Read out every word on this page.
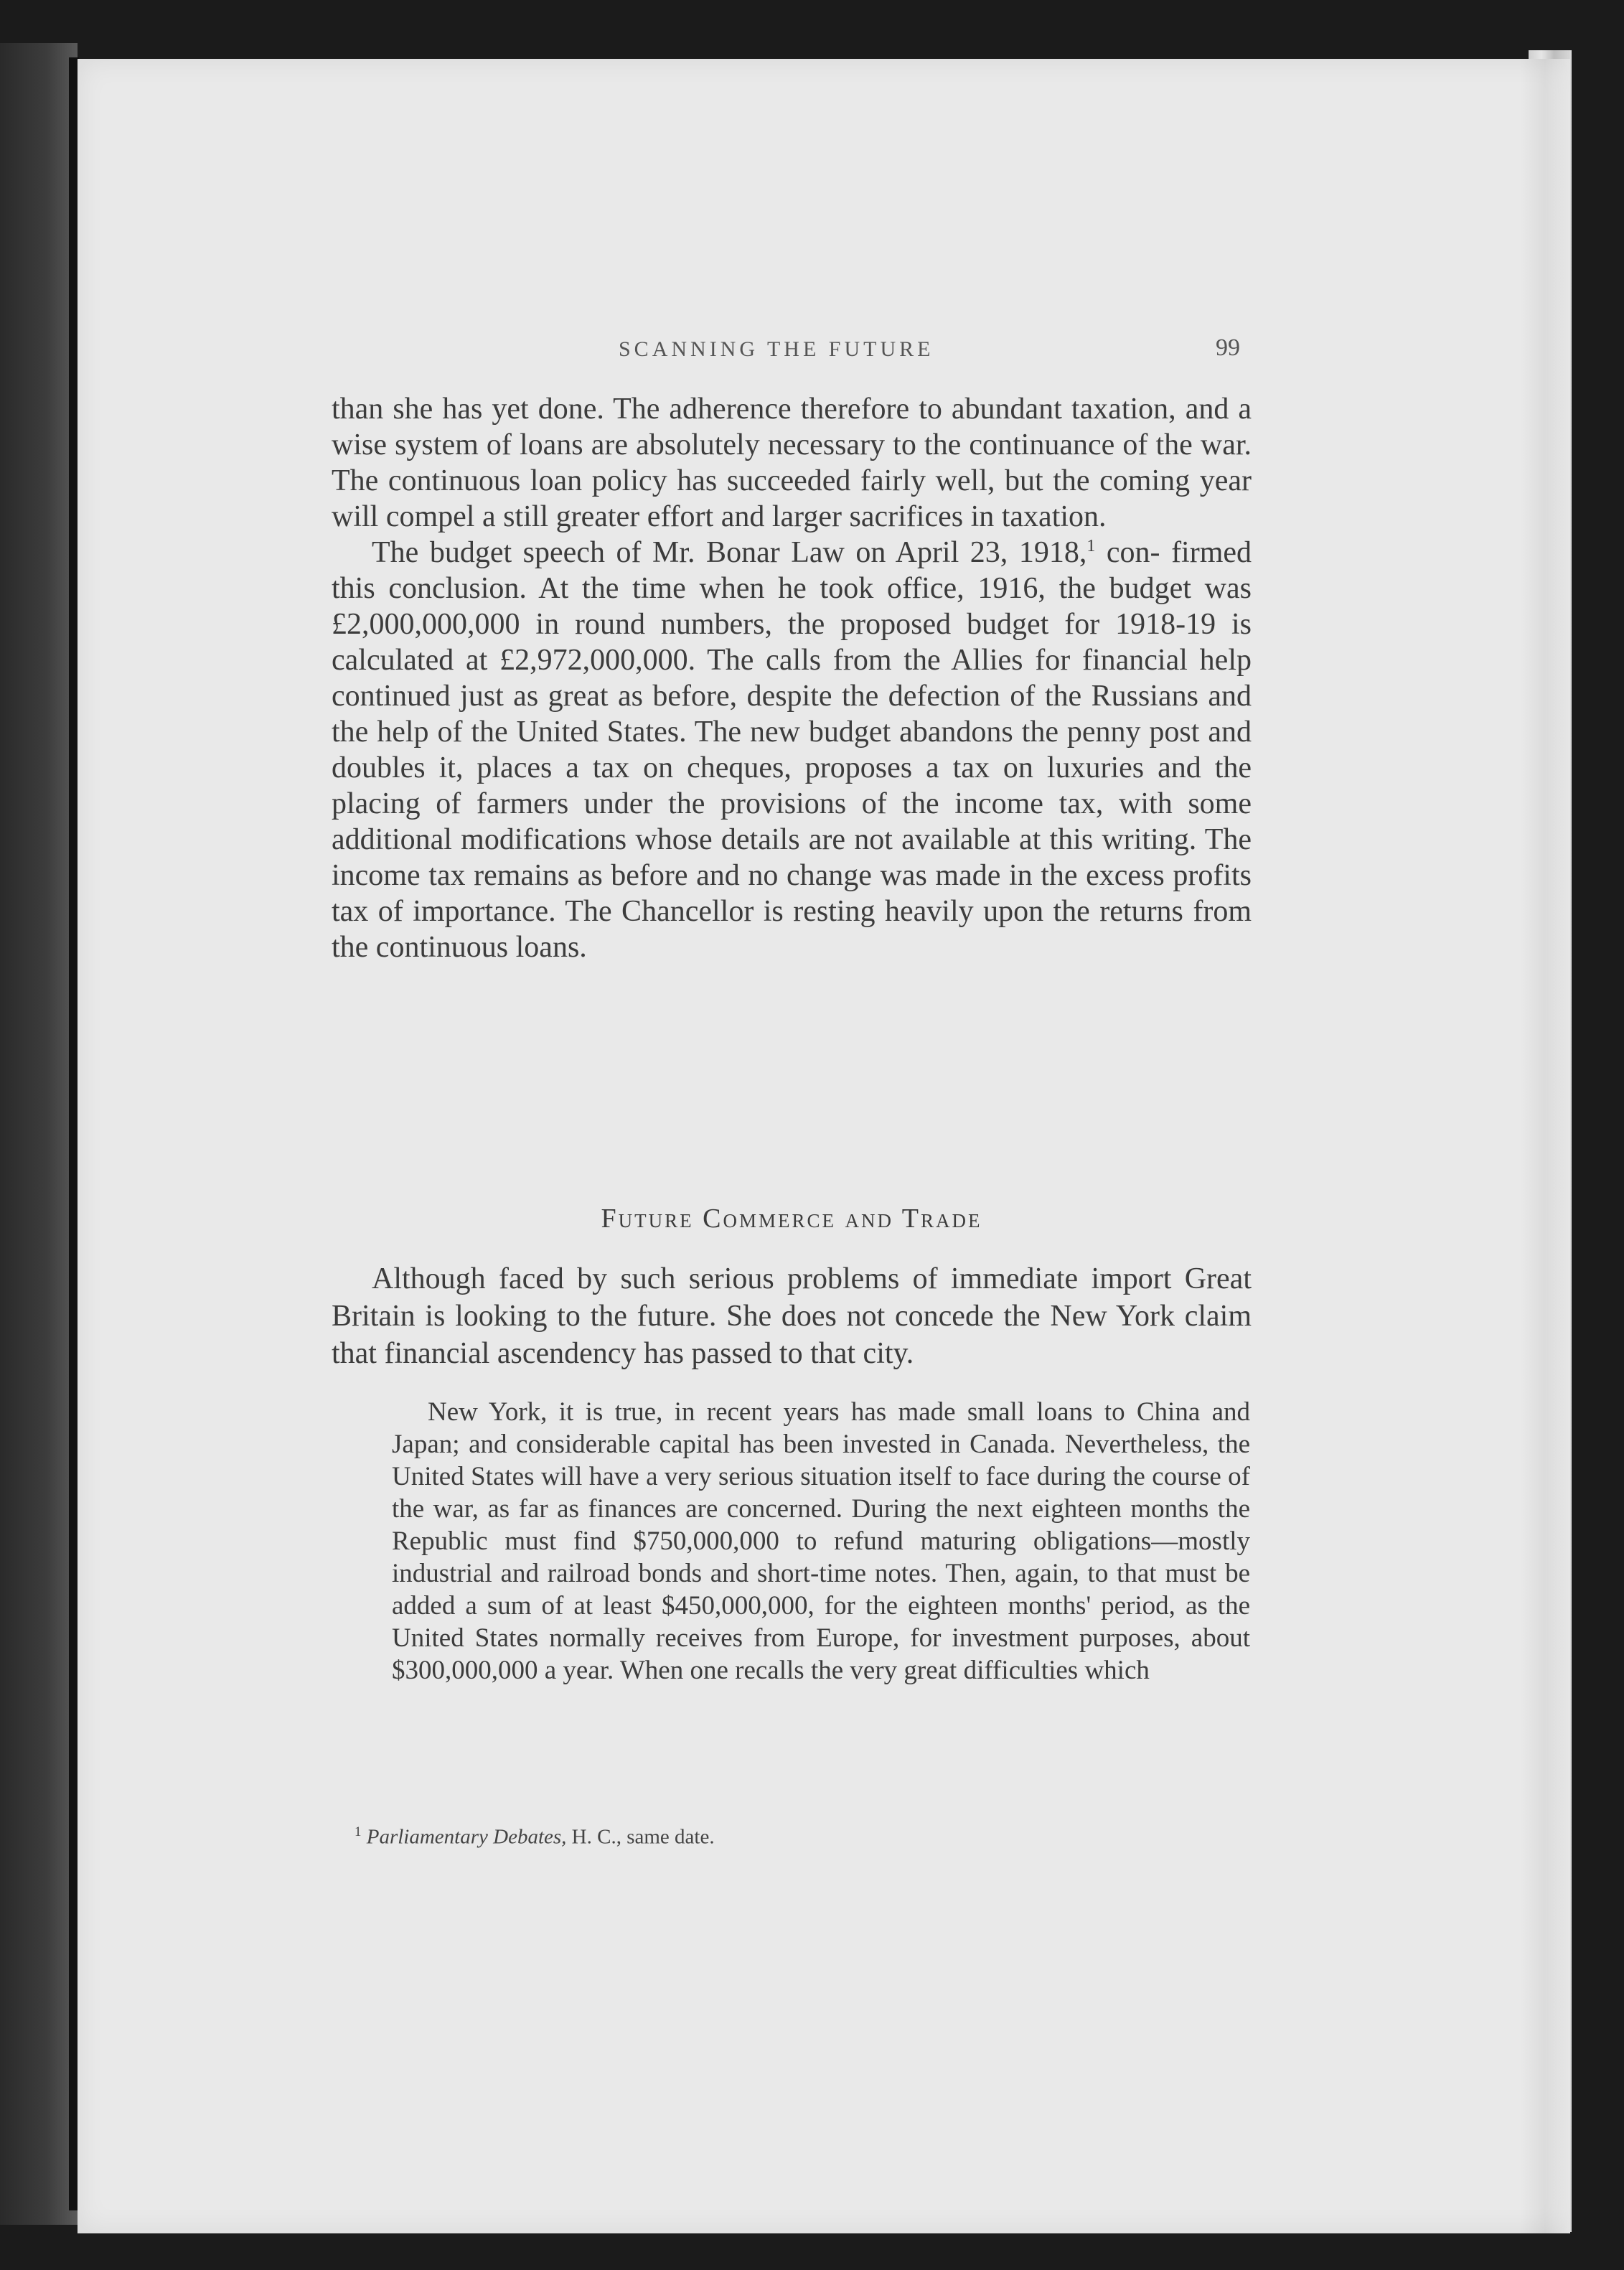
SCANNING THE FUTURE	99

than she has yet done. The adherence therefore to abundant taxation, and a wise system of loans are absolutely necessary to the continuance of the war. The continuous loan policy has succeeded fairly well, but the coming year will compel a still greater effort and larger sacrifices in taxation.

The budget speech of Mr. Bonar Law on April 23, 1918,$^1$ con- firmed this conclusion. At the time when he took office, 1916, the budget was £2,000,000,000 in round numbers, the proposed budget for 1918-19 is calculated at £2,972,000,000. The calls from the Allies for financial help continued just as great as before, despite the defection of the Russians and the help of the United States. The new budget abandons the penny post and doubles it, places a tax on cheques, proposes a tax on luxuries and the placing of farmers under the provisions of the income tax, with some additional modifications whose details are not available at this writing. The income tax remains as before and no change was made in the excess profits tax of importance. The Chancellor is resting heavily upon the returns from the continuous loans.

Future Commerce and Trade

Although faced by such serious problems of immediate import Great Britain is looking to the future. She does not concede the New York claim that financial ascendency has passed to that city.

New York, it is true, in recent years has made small loans to China and Japan; and considerable capital has been invested in Canada. Nevertheless, the United States will have a very serious situation itself to face during the course of the war, as far as finances are concerned. During the next eighteen months the Republic must find $750,000,000 to refund maturing obligations—mostly industrial and railroad bonds and short-time notes. Then, again, to that must be added a sum of at least $450,000,000, for the eighteen months' period, as the United States normally receives from Europe, for investment purposes, about $300,000,000 a year. When one recalls the very great difficulties which

$^1$ Parliamentary Debates, H. C., same date.
